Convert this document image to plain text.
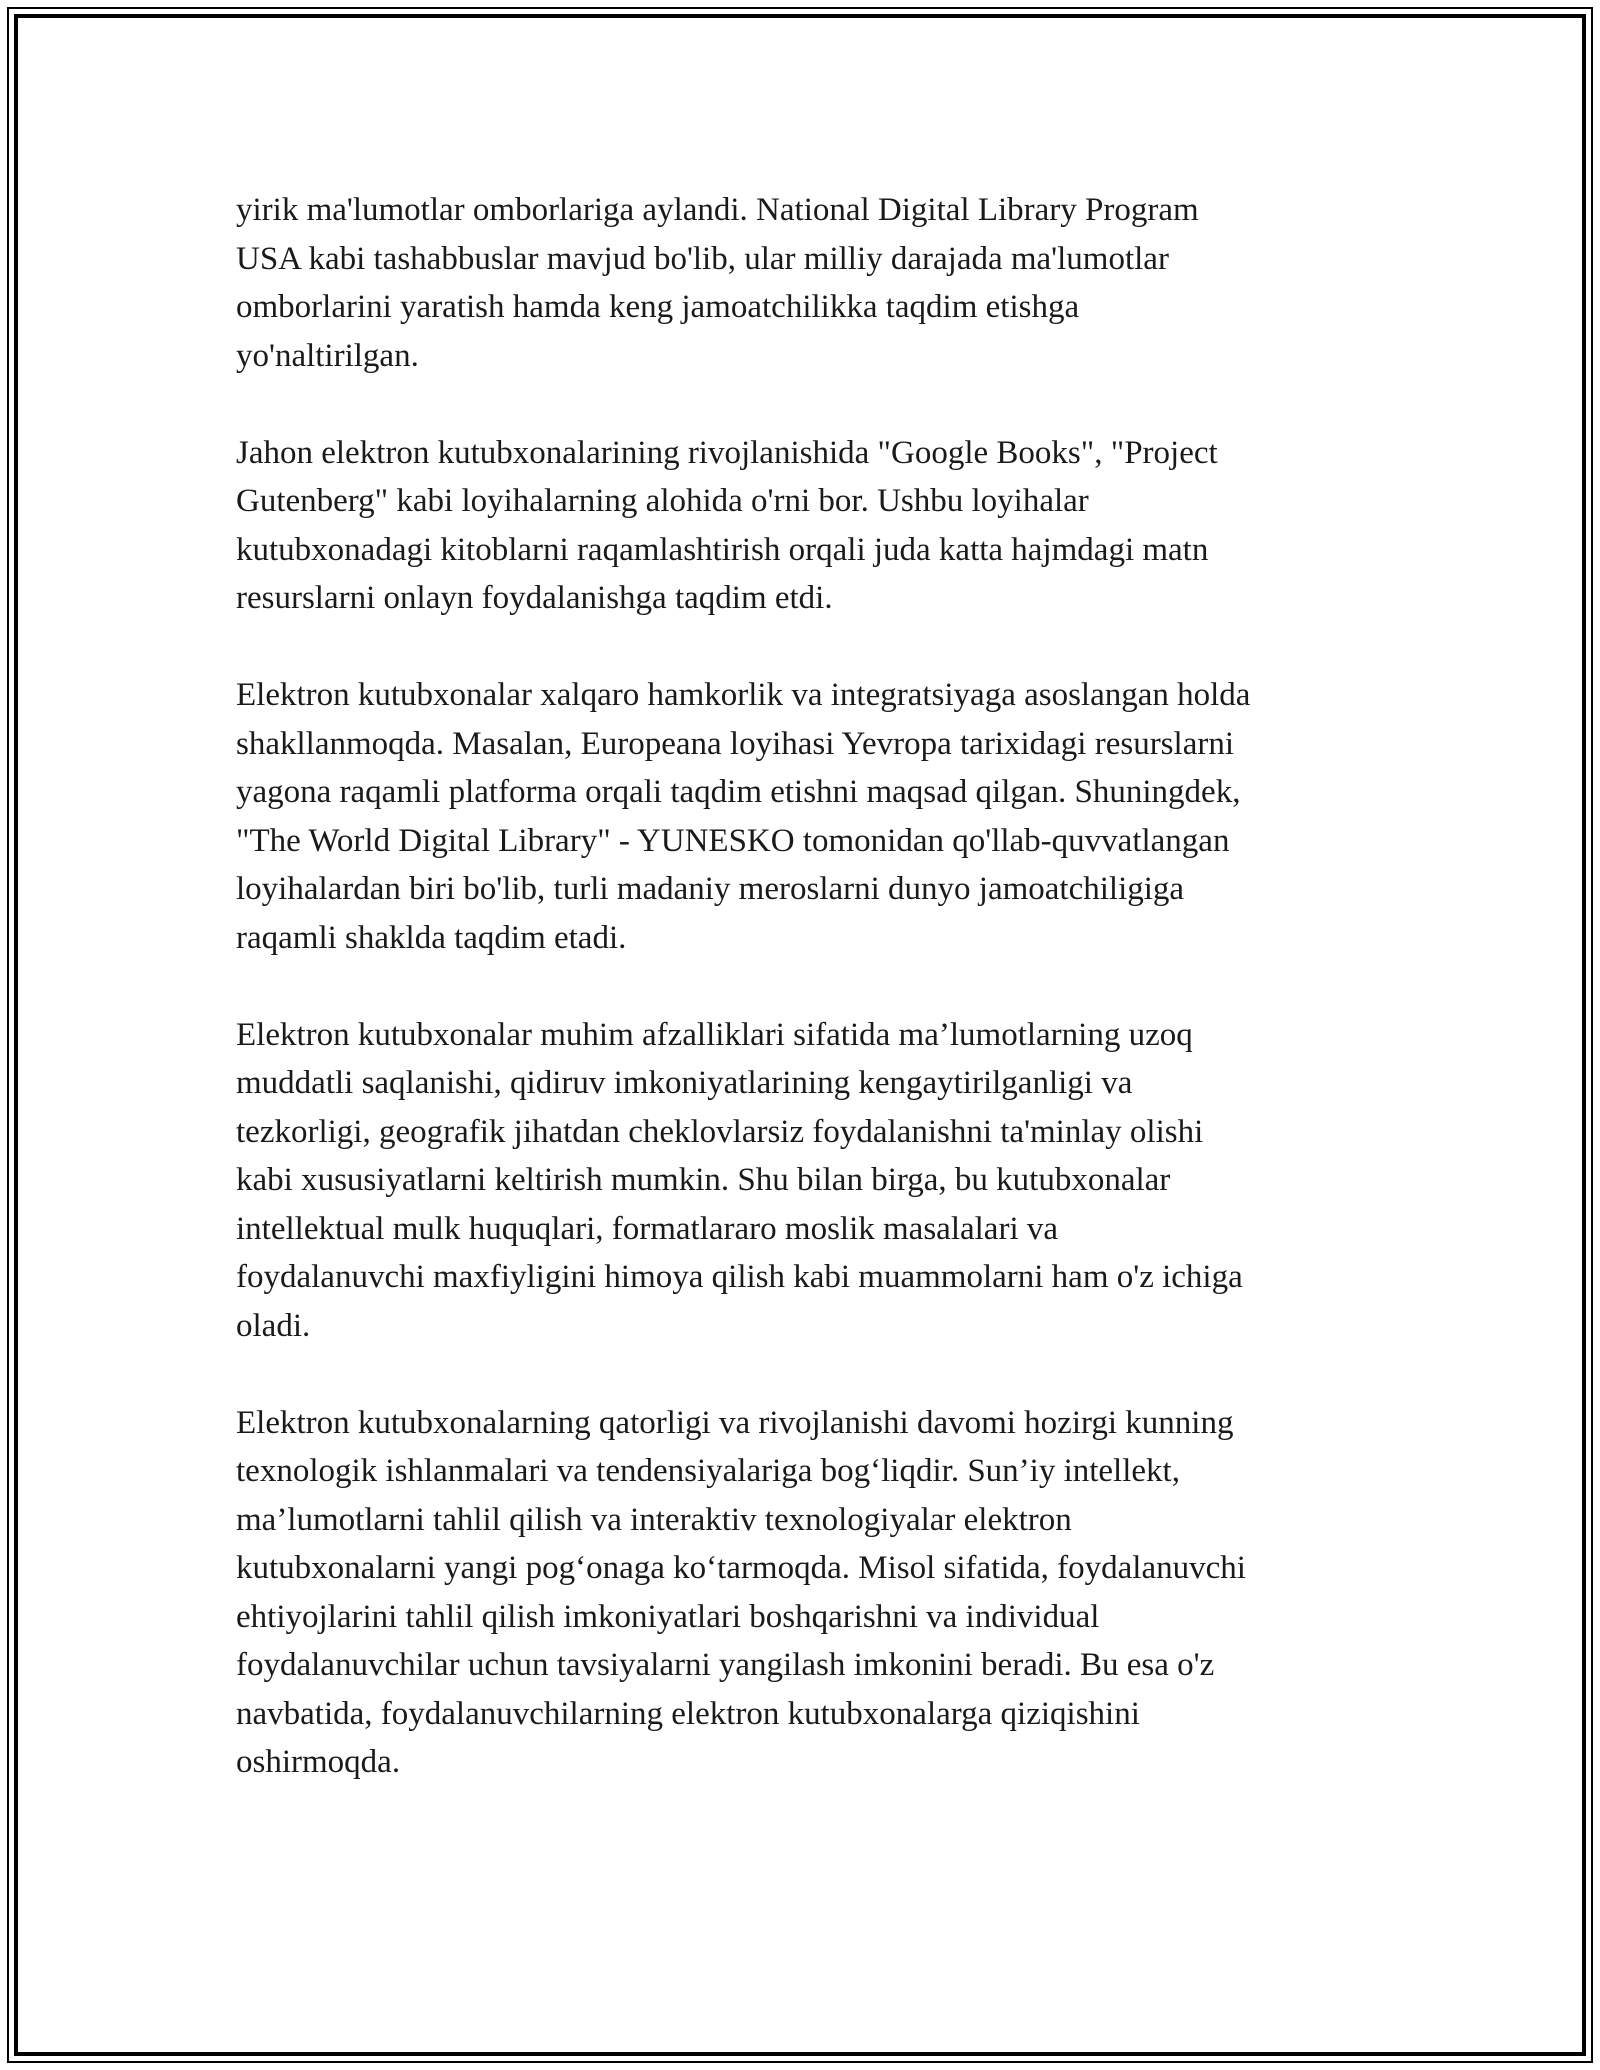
yirik ma'lumotlar omborlariga aylandi. National Digital Library Program
USA kabi tashabbuslar mavjud bo'lib, ular milliy darajada ma'lumotlar
omborlarini yaratish hamda keng jamoatchilikka taqdim etishga
yo'naltirilgan.

Jahon elektron kutubxonalarining rivojlanishida "Google Books", "Project
Gutenberg" kabi loyihalarning alohida o'rni bor. Ushbu loyihalar
kutubxonadagi kitoblarni raqamlashtirish orqali juda katta hajmdagi matn
resurslarni onlayn foydalanishga taqdim etdi.

Elektron kutubxonalar xalqaro hamkorlik va integratsiyaga asoslangan holda
shakllanmoqda. Masalan, Europeana loyihasi Yevropa tarixidagi resurslarni
yagona raqamli platforma orqali taqdim etishni maqsad qilgan. Shuningdek,
"The World Digital Library" - YUNESKO tomonidan qo'llab-quvvatlangan
loyihalardan biri bo'lib, turli madaniy meroslarni dunyo jamoatchiligiga
raqamli shaklda taqdim etadi.

Elektron kutubxonalar muhim afzalliklari sifatida ma’lumotlarning uzoq
muddatli saqlanishi, qidiruv imkoniyatlarining kengaytirilganligi va
tezkorligi, geografik jihatdan cheklovlarsiz foydalanishni ta'minlay olishi
kabi xususiyatlarni keltirish mumkin. Shu bilan birga, bu kutubxonalar
intellektual mulk huquqlari, formatlararo moslik masalalari va
foydalanuvchi maxfiyligini himoya qilish kabi muammolarni ham o'z ichiga
oladi.

Elektron kutubxonalarning qatorligi va rivojlanishi davomi hozirgi kunning
texnologik ishlanmalari va tendensiyalariga bog‘liqdir. Sun’iy intellekt,
ma’lumotlarni tahlil qilish va interaktiv texnologiyalar elektron
kutubxonalarni yangi pog‘onaga ko‘tarmoqda. Misol sifatida, foydalanuvchi
ehtiyojlarini tahlil qilish imkoniyatlari boshqarishni va individual
foydalanuvchilar uchun tavsiyalarni yangilash imkonini beradi. Bu esa o'z
navbatida, foydalanuvchilarning elektron kutubxonalarga qiziqishini
oshirmoqda.
